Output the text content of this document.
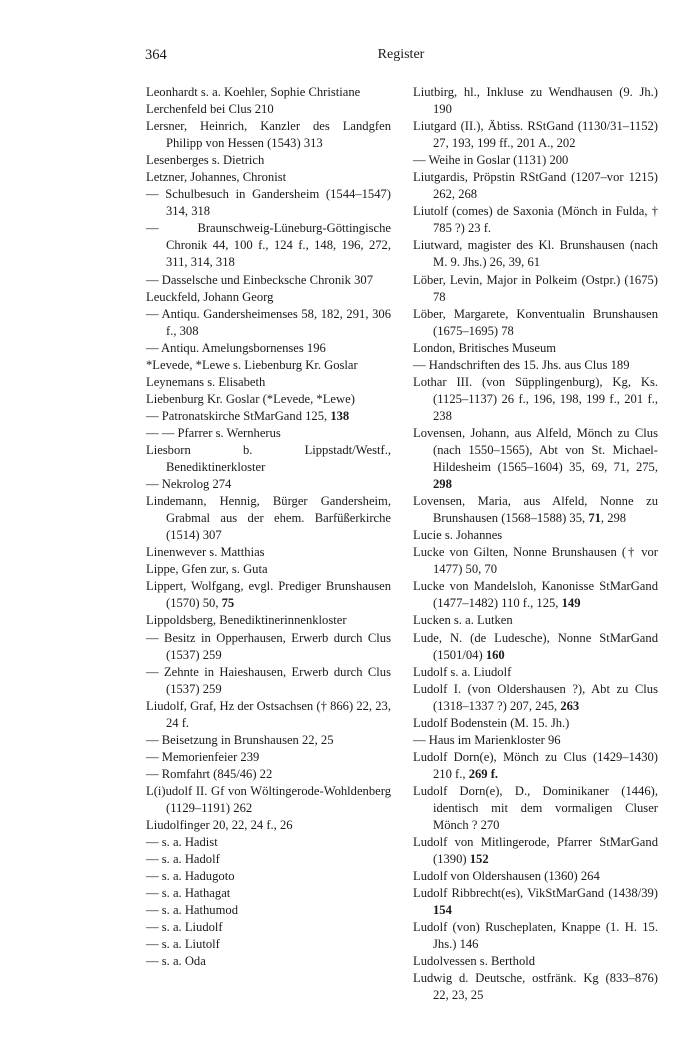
364	Register
Leonhardt s. a. Koehler, Sophie Christiane
Lerchenfeld bei Clus 210
Lersner, Heinrich, Kanzler des Landgfen Philipp von Hessen (1543) 313
Lesenberges s. Dietrich
Letzner, Johannes, Chronist
— Schulbesuch in Gandersheim (1544–1547) 314, 318
— Braunschweig-Lüneburg-Göttingische Chronik 44, 100 f., 124 f., 148, 196, 272, 311, 314, 318
— Dasselsche und Einbecksche Chronik 307
Leuckfeld, Johann Georg
— Antiqu. Gandersheimenses 58, 182, 291, 306 f., 308
— Antiqu. Amelungsbornenses 196
*Levede, *Lewe s. Liebenburg Kr. Goslar
Leynemans s. Elisabeth
Liebenburg Kr. Goslar (*Levede, *Lewe)
— Patronatskirche StMarGand 125, 138
— — Pfarrer s. Wernherus
Liesborn b. Lippstadt/Westf., Benediktinerkloster
— Nekrolog 274
Lindemann, Hennig, Bürger Gandersheim, Grabmal aus der ehem. Barfüßerkirche (1514) 307
Linenwever s. Matthias
Lippe, Gfen zur, s. Guta
Lippert, Wolfgang, evgl. Prediger Brunshausen (1570) 50, 75
Lippoldsberg, Benediktinerinnenkloster
— Besitz in Opperhausen, Erwerb durch Clus (1537) 259
— Zehnte in Haieshausen, Erwerb durch Clus (1537) 259
Liudolf, Graf, Hz der Ostsachsen († 866) 22, 23, 24 f.
— Beisetzung in Brunshausen 22, 25
— Memorienfeier 239
— Romfahrt (845/46) 22
L(i)udolf II. Gf von Wöltingerode-Wohldenberg (1129–1191) 262
Liudolfinger 20, 22, 24 f., 26
— s. a. Hadist
— s. a. Hadolf
— s. a. Hadugoto
— s. a. Hathagat
— s. a. Hathumod
— s. a. Liudolf
— s. a. Liutolf
— s. a. Oda
Liutbirg, hl., Inkluse zu Wendhausen (9. Jh.) 190
Liutgard (II.), Äbtiss. RStGand (1130/31–1152) 27, 193, 199 ff., 201 A., 202
— Weihe in Goslar (1131) 200
Liutgardis, Pröpstin RStGand (1207–vor 1215) 262, 268
Liutolf (comes) de Saxonia (Mönch in Fulda, † 785 ?) 23 f.
Liutward, magister des Kl. Brunshausen (nach M. 9. Jhs.) 26, 39, 61
Löber, Levin, Major in Polkeim (Ostpr.) (1675) 78
Löber, Margarete, Konventualin Brunshausen (1675–1695) 78
London, Britisches Museum
— Handschriften des 15. Jhs. aus Clus 189
Lothar III. (von Süpplingenburg), Kg, Ks. (1125–1137) 26 f., 196, 198, 199 f., 201 f., 238
Lovensen, Johann, aus Alfeld, Mönch zu Clus (nach 1550–1565), Abt von St. Michael-Hildesheim (1565–1604) 35, 69, 71, 275, 298
Lovensen, Maria, aus Alfeld, Nonne zu Brunshausen (1568–1588) 35, 71, 298
Lucie s. Johannes
Lucke von Gilten, Nonne Brunshausen († vor 1477) 50, 70
Lucke von Mandelsloh, Kanonisse StMarGand (1477–1482) 110 f., 125, 149
Lucken s. a. Lutken
Lude, N. (de Ludesche), Nonne StMarGand (1501/04) 160
Ludolf s. a. Liudolf
Ludolf I. (von Oldershausen ?), Abt zu Clus (1318–1337 ?) 207, 245, 263
Ludolf Bodenstein (M. 15. Jh.)
— Haus im Marienkloster 96
Ludolf Dorn(e), Mönch zu Clus (1429–1430) 210 f., 269 f.
Ludolf Dorn(e), D., Dominikaner (1446), identisch mit dem vormaligen Cluser Mönch ? 270
Ludolf von Mitlingerode, Pfarrer StMarGand (1390) 152
Ludolf von Oldershausen (1360) 264
Ludolf Ribbrecht(es), VikStMarGand (1438/39) 154
Ludolf (von) Ruscheplaten, Knappe (1. H. 15. Jhs.) 146
Ludolvessen s. Berthold
Ludwig d. Deutsche, ostfränk. Kg (833–876) 22, 23, 25
